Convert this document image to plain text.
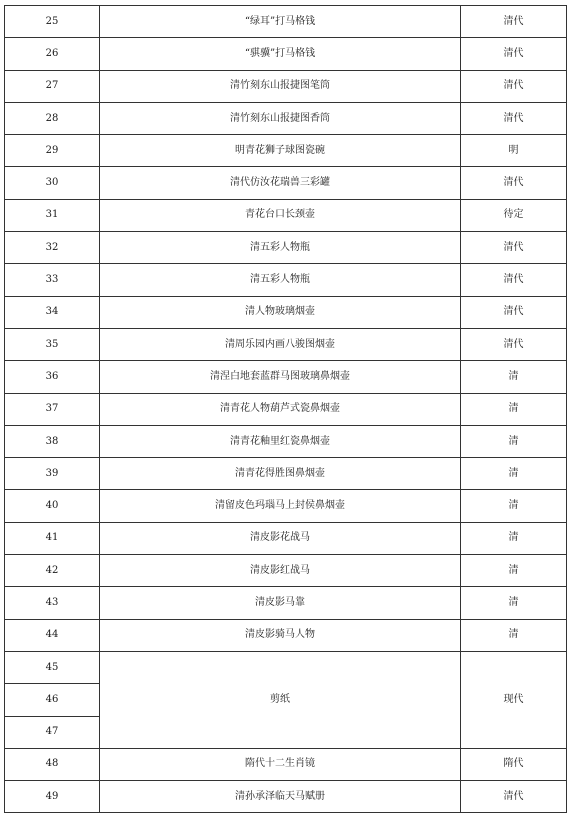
25	“绿耳”打马格钱	清代
26	“骐骥”打马格钱	清代
27	清竹刻东山报捷图笔筒	清代
28	清竹刻东山报捷图香筒	清代
29	明青花狮子球图瓷碗	明
30	清代仿汝花瑞兽三彩罐	清代
31	青花台口长颈壶	待定
32	清五彩人物瓶	清代
33	清五彩人物瓶	清代
34	清人物玻璃烟壶	清代
35	清周乐园内画八骏图烟壶	清代
36	清涅白地套蓝群马图玻璃鼻烟壶	清
37	清青花人物葫芦式瓷鼻烟壶	清
38	清青花釉里红瓷鼻烟壶	清
39	清青花得胜图鼻烟壶	清
40	清留皮色玛瑙马上封侯鼻烟壶	清
41	清皮影花战马	清
42	清皮影红战马	清
43	清皮影马靠	清
44	清皮影骑马人物	清
45	剪纸	现代
46		
47		
48	隋代十二生肖镜	隋代
49	清孙承泽临天马赋册	清代
